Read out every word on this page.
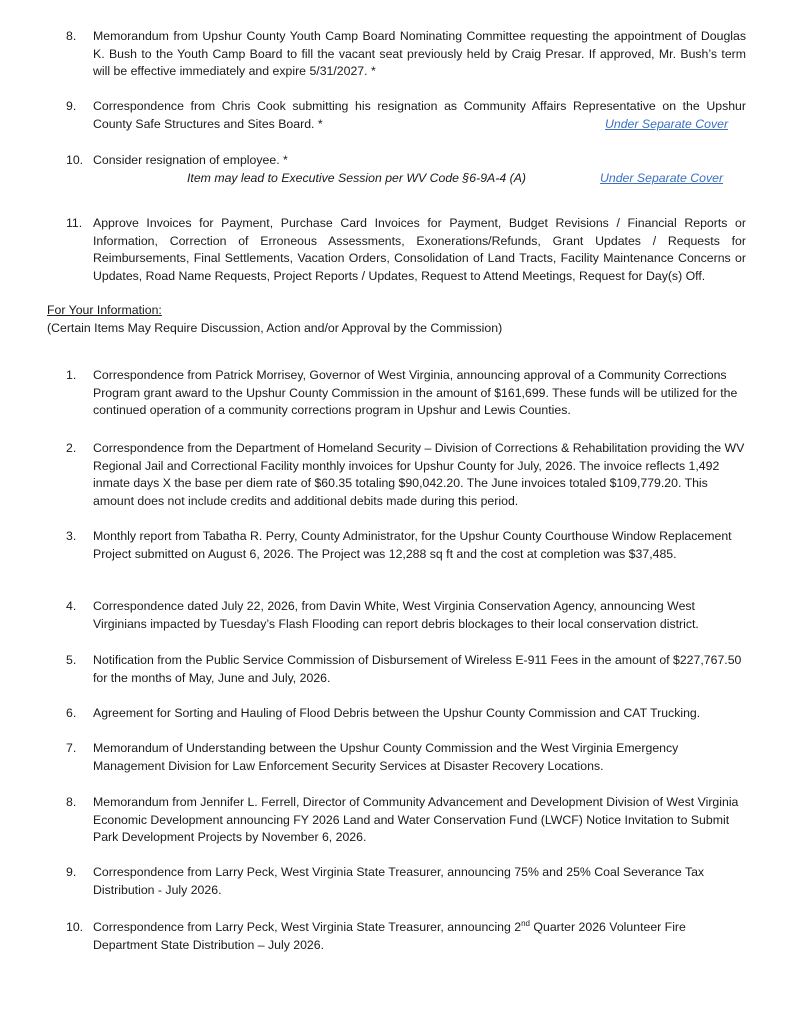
8.	Memorandum from Upshur County Youth Camp Board Nominating Committee requesting the appointment of Douglas K. Bush to the Youth Camp Board to fill the vacant seat previously held by Craig Presar. If approved, Mr. Bush’s term will be effective immediately and expire 5/31/2027. *
9.	Correspondence from Chris Cook submitting his resignation as Community Affairs Representative on the Upshur County Safe Structures and Sites Board. *	Under Separate Cover
10. Consider resignation of employee. *
Item may lead to Executive Session per WV Code §6-9A-4 (A)	Under Separate Cover
11. Approve Invoices for Payment, Purchase Card Invoices for Payment, Budget Revisions / Financial Reports or Information, Correction of Erroneous Assessments, Exonerations/Refunds, Grant Updates / Requests for Reimbursements, Final Settlements, Vacation Orders, Consolidation of Land Tracts, Facility Maintenance Concerns or Updates, Road Name Requests, Project Reports / Updates, Request to Attend Meetings, Request for Day(s) Off.
For Your Information:
(Certain Items May Require Discussion, Action and/or Approval by the Commission)
1.	Correspondence from Patrick Morrisey, Governor of West Virginia, announcing approval of a Community Corrections Program grant award to the Upshur County Commission in the amount of $161,699. These funds will be utilized for the continued operation of a community corrections program in Upshur and Lewis Counties.
2.	Correspondence from the Department of Homeland Security – Division of Corrections & Rehabilitation providing the WV Regional Jail and Correctional Facility monthly invoices for Upshur County for July, 2026. The invoice reflects 1,492 inmate days X the base per diem rate of $60.35 totaling $90,042.20. The June invoices totaled $109,779.20. This amount does not include credits and additional debits made during this period.
3.	Monthly report from Tabatha R. Perry, County Administrator, for the Upshur County Courthouse Window Replacement Project submitted on August 6, 2026. The Project was 12,288 sq ft and the cost at completion was $37,485.
4.	Correspondence dated July 22, 2026, from Davin White, West Virginia Conservation Agency, announcing West Virginians impacted by Tuesday’s Flash Flooding can report debris blockages to their local conservation district.
5.	Notification from the Public Service Commission of Disbursement of Wireless E-911 Fees in the amount of $227,767.50 for the months of May, June and July, 2026.
6.	Agreement for Sorting and Hauling of Flood Debris between the Upshur County Commission and CAT Trucking.
7.	Memorandum of Understanding between the Upshur County Commission and the West Virginia Emergency Management Division for Law Enforcement Security Services at Disaster Recovery Locations.
8.	Memorandum from Jennifer L. Ferrell, Director of Community Advancement and Development Division of West Virginia Economic Development announcing FY 2026 Land and Water Conservation Fund (LWCF) Notice Invitation to Submit Park Development Projects by November 6, 2026.
9.	Correspondence from Larry Peck, West Virginia State Treasurer, announcing 75% and 25% Coal Severance Tax Distribution - July 2026.
10. Correspondence from Larry Peck, West Virginia State Treasurer, announcing 2nd Quarter 2026 Volunteer Fire Department State Distribution – July 2026.
